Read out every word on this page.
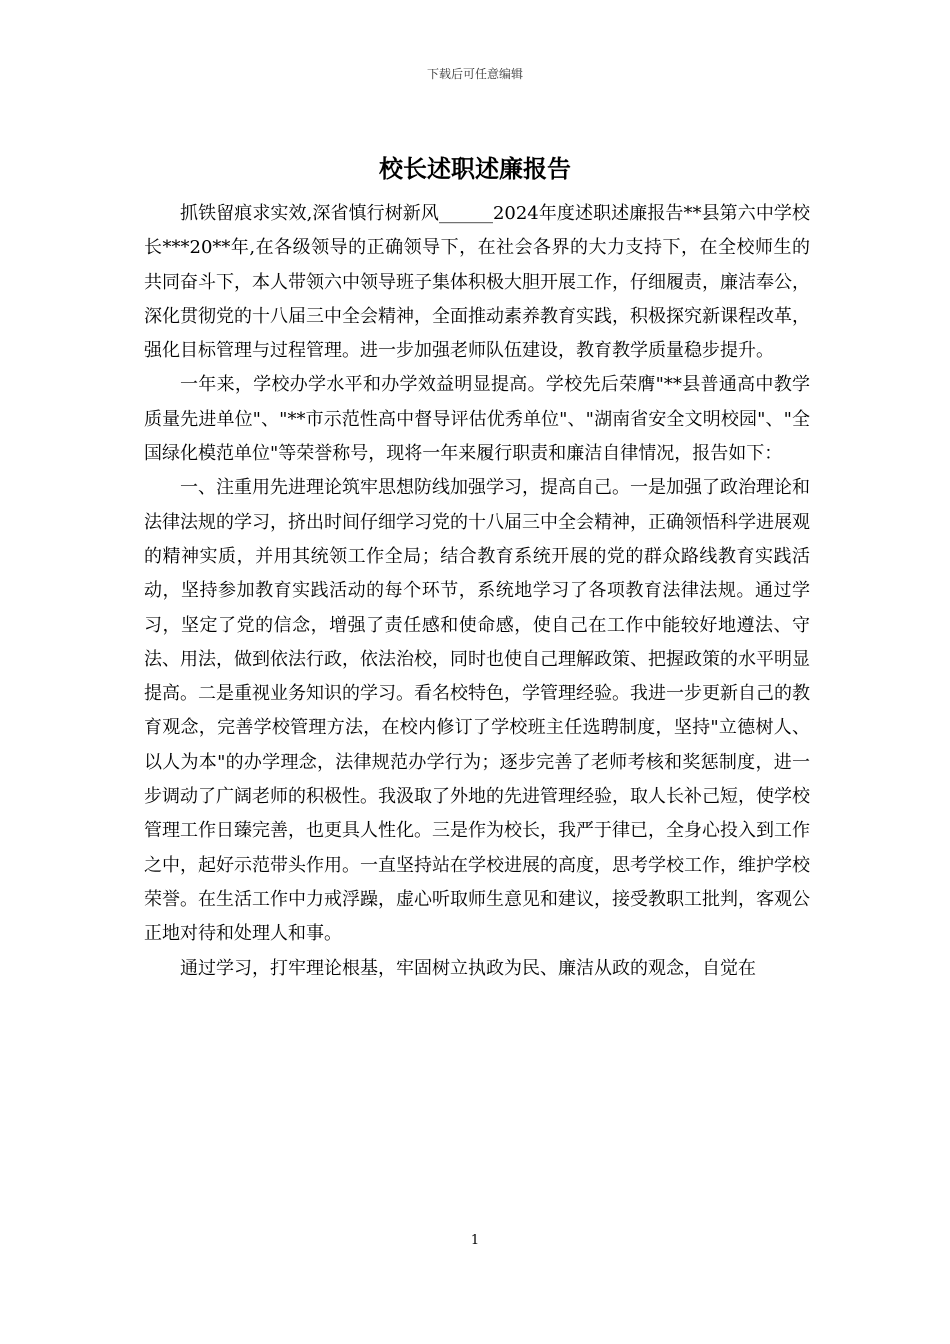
下载后可任意编辑
校长述职述廉报告

抓铁留痕求实效,深省慎行树新风______2024年度述职述廉报告**县第六中学校长***20**年,在各级领导的正确领导下，在社会各界的大力支持下，在全校师生的共同奋斗下，本人带领六中领导班子集体积极大胆开展工作，仔细履责，廉洁奉公，深化贯彻党的十八届三中全会精神，全面推动素养教育实践，积极探究新课程改革，强化目标管理与过程管理。进一步加强老师队伍建设，教育教学质量稳步提升。

一年来，学校办学水平和办学效益明显提高。学校先后荣膺"**县普通高中教学质量先进单位"、"**市示范性高中督导评估优秀单位"、"湖南省安全文明校园"、"全国绿化模范单位"等荣誉称号，现将一年来履行职责和廉洁自律情况，报告如下：

一、注重用先进理论筑牢思想防线加强学习，提高自己。一是加强了政治理论和法律法规的学习，挤出时间仔细学习党的十八届三中全会精神，正确领悟科学进展观的精神实质，并用其统领工作全局；结合教育系统开展的党的群众路线教育实践活动，坚持参加教育实践活动的每个环节，系统地学习了各项教育法律法规。通过学习，坚定了党的信念，增强了责任感和使命感，使自己在工作中能较好地遵法、守法、用法，做到依法行政，依法治校，同时也使自己理解政策、把握政策的水平明显提高。二是重视业务知识的学习。看名校特色，学管理经验。我进一步更新自己的教育观念，完善学校管理方法，在校内修订了学校班主任选聘制度，坚持"立德树人、以人为本"的办学理念，法律规范办学行为；逐步完善了老师考核和奖惩制度，进一步调动了广阔老师的积极性。我汲取了外地的先进管理经验，取人长补己短，使学校管理工作日臻完善，也更具人性化。三是作为校长，我严于律已，全身心投入到工作之中，起好示范带头作用。一直坚持站在学校进展的高度，思考学校工作，维护学校荣誉。在生活工作中力戒浮躁，虚心听取师生意见和建议，接受教职工批判，客观公正地对待和处理人和事。

通过学习，打牢理论根基，牢固树立执政为民、廉洁从政的观念，自觉在

1
